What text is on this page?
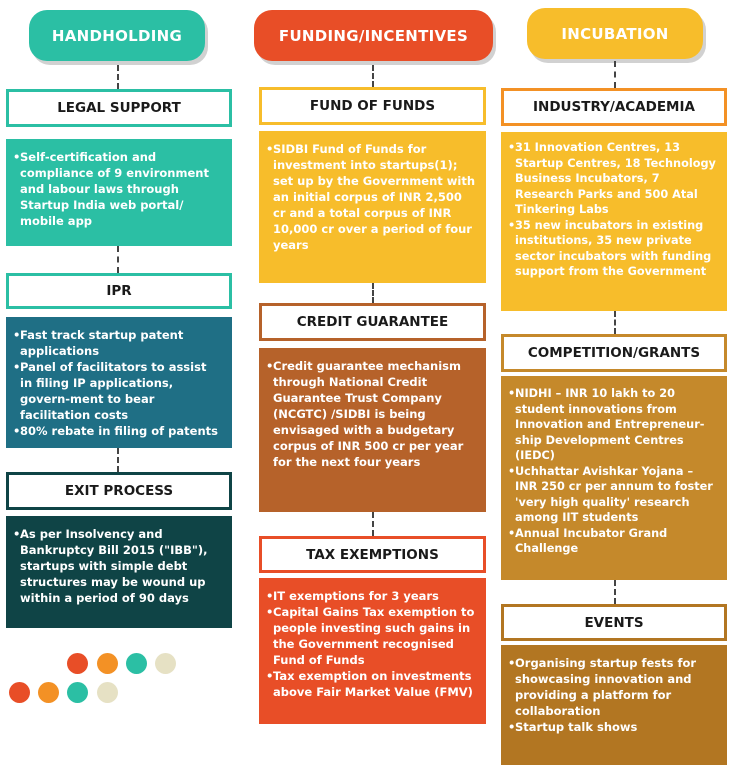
HANDHOLDING	FUNDING/INCENTIVES	INCUBATION
LEGAL SUPPORT
• Self-certification and compliance of 9 environment and labour laws through Startup India web portal/ mobile app
IPR
• Fast track startup patent applications
• Panel of facilitators to assist in filing IP applications, govern-ment to bear facilitation costs
• 80% rebate in filing of patents
EXIT PROCESS
• As per Insolvency and Bankruptcy Bill 2015 ("IBB"), startups with simple debt structures may be wound up within a period of 90 days
FUND OF FUNDS
• SIDBI Fund of Funds for investment into startups(1); set up by the Government with an initial corpus of INR 2,500 cr and a total corpus of INR 10,000 cr over a period of four years
CREDIT GUARANTEE
• Credit guarantee mechanism through National Credit Guarantee Trust Company (NCGTC) /SIDBI is being envisaged with a budgetary corpus of INR 500 cr per year for the next four years
TAX EXEMPTIONS
• IT exemptions for 3 years
• Capital Gains Tax exemption to people investing such gains in the Government recognised Fund of Funds
• Tax exemption on investments above Fair Market Value (FMV)
INDUSTRY/ACADEMIA
• 31 Innovation Centres, 13 Startup Centres, 18 Technology Business Incubators, 7 Research Parks and 500 Atal Tinkering Labs
• 35 new incubators in existing institutions, 35 new private sector incubators with funding support from the Government
COMPETITION/GRANTS
• NIDHI – INR 10 lakh to 20 student innovations from Innovation and Entrepreneur-ship Development Centres (IEDC)
• Uchhattar Avishkar Yojana – INR 250 cr per annum to foster 'very high quality' research among IIT students
• Annual Incubator Grand Challenge
EVENTS
• Organising startup fests for showcasing innovation and providing a platform for collaboration
• Startup talk shows
